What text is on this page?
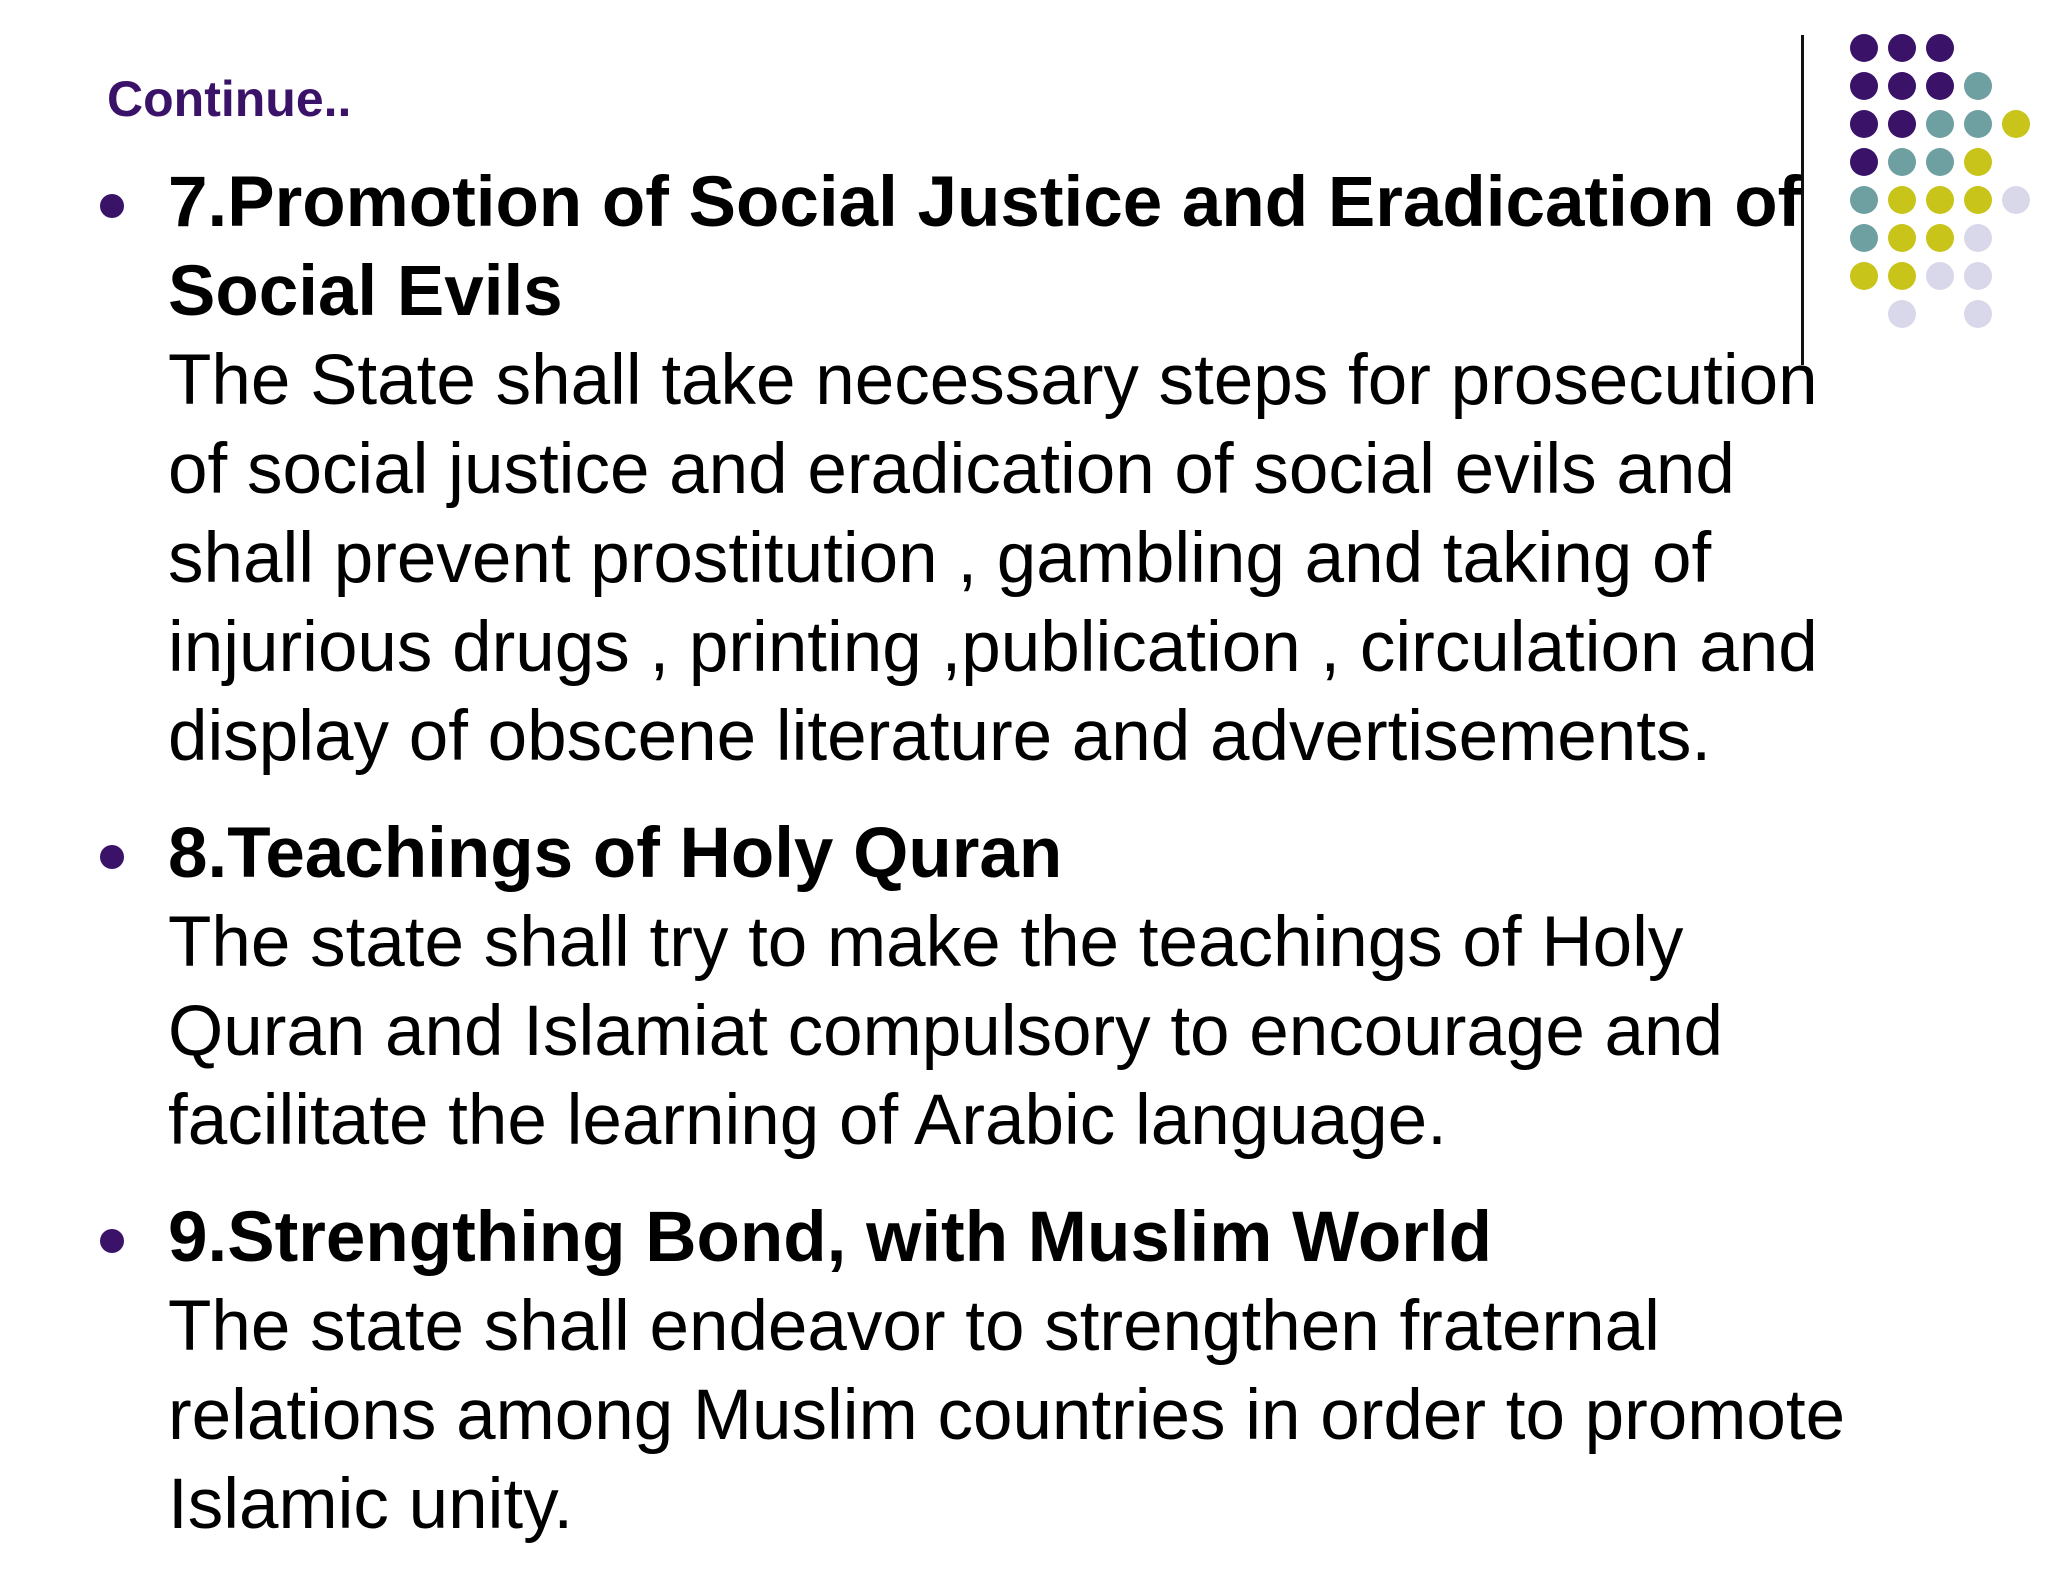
Continue..
7.Promotion of Social Justice and Eradication of
Social Evils
The State shall take necessary steps for prosecution
of social justice and eradication of social evils and
shall prevent prostitution , gambling and taking of
injurious drugs , printing ,publication , circulation and
display of obscene literature and advertisements.
8.Teachings of Holy Quran
The state shall try to make the teachings of Holy
Quran and Islamiat compulsory to encourage and
facilitate the learning of Arabic language.
9.Strengthing Bond, with Muslim World
The state shall endeavor to strengthen fraternal
relations among Muslim countries in order to promote
Islamic unity.
